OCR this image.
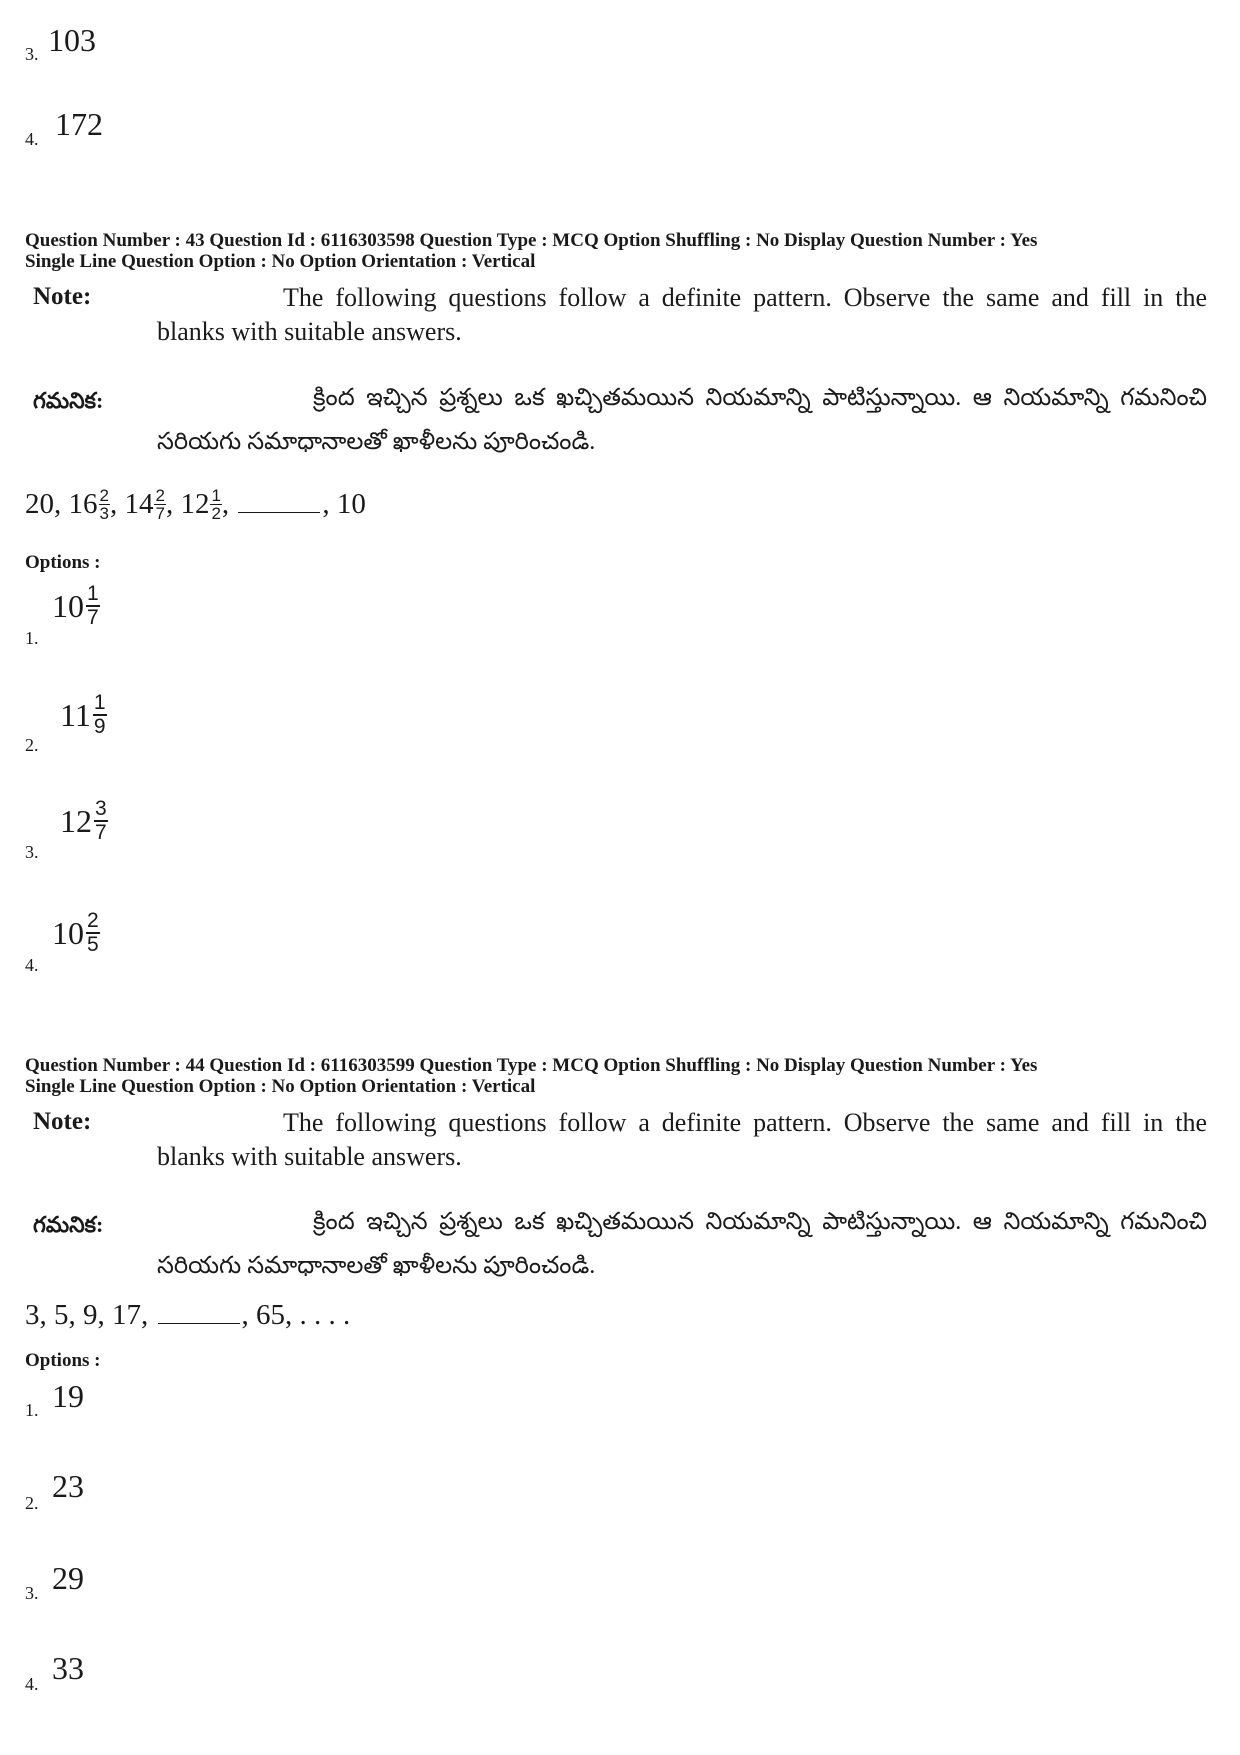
3. 103
4. 172
Question Number : 43 Question Id : 6116303598 Question Type : MCQ Option Shuffling : No Display Question Number : Yes
Single Line Question Option : No Option Orientation : Vertical
Note:	The following questions follow a definite pattern. Observe the same and fill in the blanks with suitable answers.
గమనిక:	క్రింద ఇచ్చిన ప్రశ్నలు ఒక ఖచ్చితమయిన నియమాన్ని పాటిస్తున్నాయి. ఆ నియమాన్ని గమనించి సరియగు సమాధానాలతో ఖాళీలను పూరించండి.
20, 16 2
3 , 14 2
7 , 12 1
2 ,	, 10
Options :
1.
$10 \frac{1}{7}$
2.
$11 \frac{1}{9}$
3.
$12 \frac{3}{7}$
4.
$10 \frac{2}{5}$
Question Number : 44 Question Id : 6116303599 Question Type : MCQ Option Shuffling : No Display Question Number : Yes
Single Line Question Option : No Option Orientation : Vertical
Note:	The following questions follow a definite pattern. Observe the same and fill in the blanks with suitable answers.
గమనిక:	క్రింద ఇచ్చిన ప్రశ్నలు ఒక ఖచ్చితమయిన నియమాన్ని పాటిస్తున్నాయి. ఆ నియమాన్ని గమనించి సరియగు సమాధానాలతో ఖాళీలను పూరించండి.
3, 5, 9, 17,	, 65, . . . .
Options :
1. 19
2. 23
3. 29
4. 33
